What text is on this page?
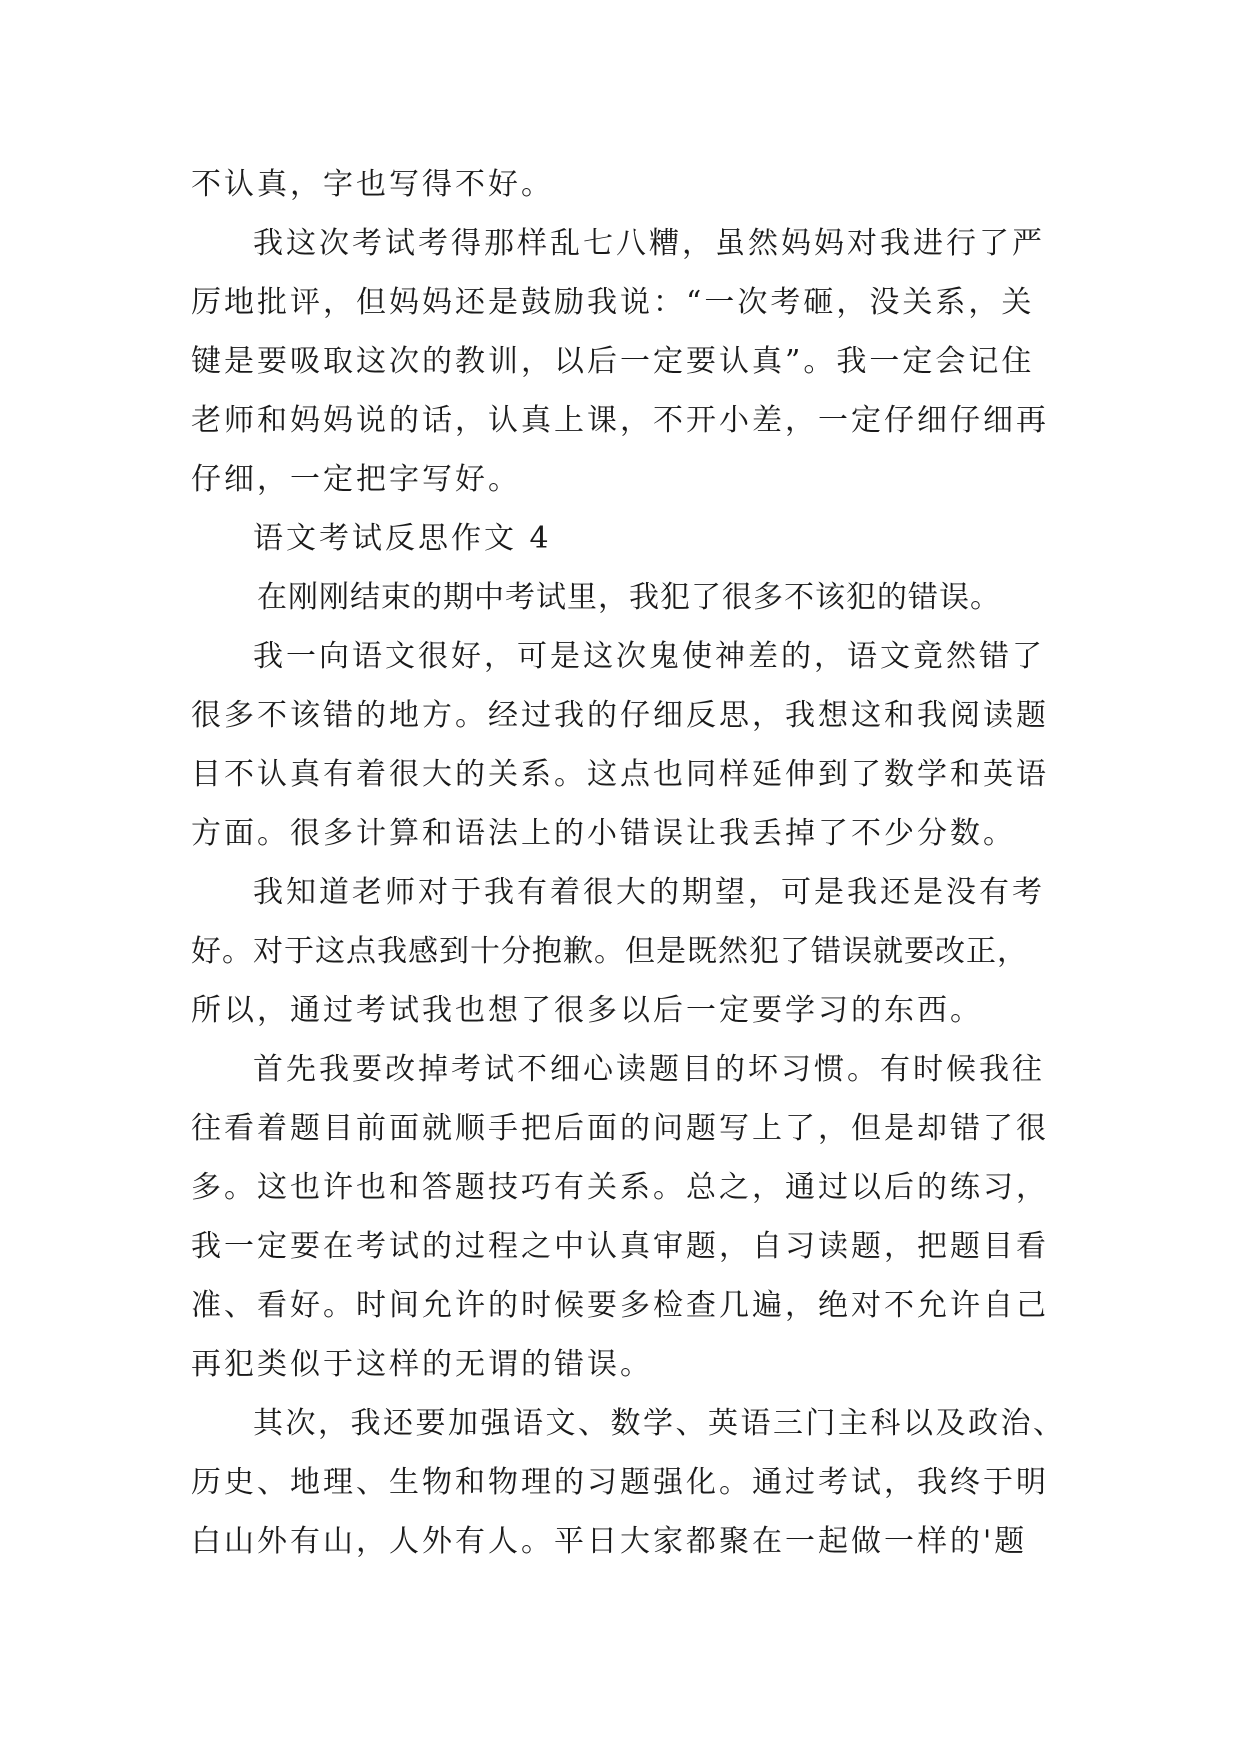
不认真，字也写得不好。
我这次考试考得那样乱七八糟，虽然妈妈对我进行了严
厉地批评，但妈妈还是鼓励我说：“一次考砸，没关系，关
键是要吸取这次的教训，以后一定要认真”。我一定会记住
老师和妈妈说的话，认真上课，不开小差，一定仔细仔细再
仔细，一定把字写好。
语文考试反思作文 4
在刚刚结束的期中考试里，我犯了很多不该犯的错误。
我一向语文很好，可是这次鬼使神差的，语文竟然错了
很多不该错的地方。经过我的仔细反思，我想这和我阅读题
目不认真有着很大的关系。这点也同样延伸到了数学和英语
方面。很多计算和语法上的小错误让我丢掉了不少分数。
我知道老师对于我有着很大的期望，可是我还是没有考
好。对于这点我感到十分抱歉。但是既然犯了错误就要改正，
所以，通过考试我也想了很多以后一定要学习的东西。
首先我要改掉考试不细心读题目的坏习惯。有时候我往
往看着题目前面就顺手把后面的问题写上了，但是却错了很
多。这也许也和答题技巧有关系。总之，通过以后的练习，
我一定要在考试的过程之中认真审题，自习读题，把题目看
准、看好。时间允许的时候要多检查几遍，绝对不允许自己
再犯类似于这样的无谓的错误。
其次，我还要加强语文、数学、英语三门主科以及政治、
历史、地理、生物和物理的习题强化。通过考试，我终于明
白山外有山，人外有人。平日大家都聚在一起做一样的'题
